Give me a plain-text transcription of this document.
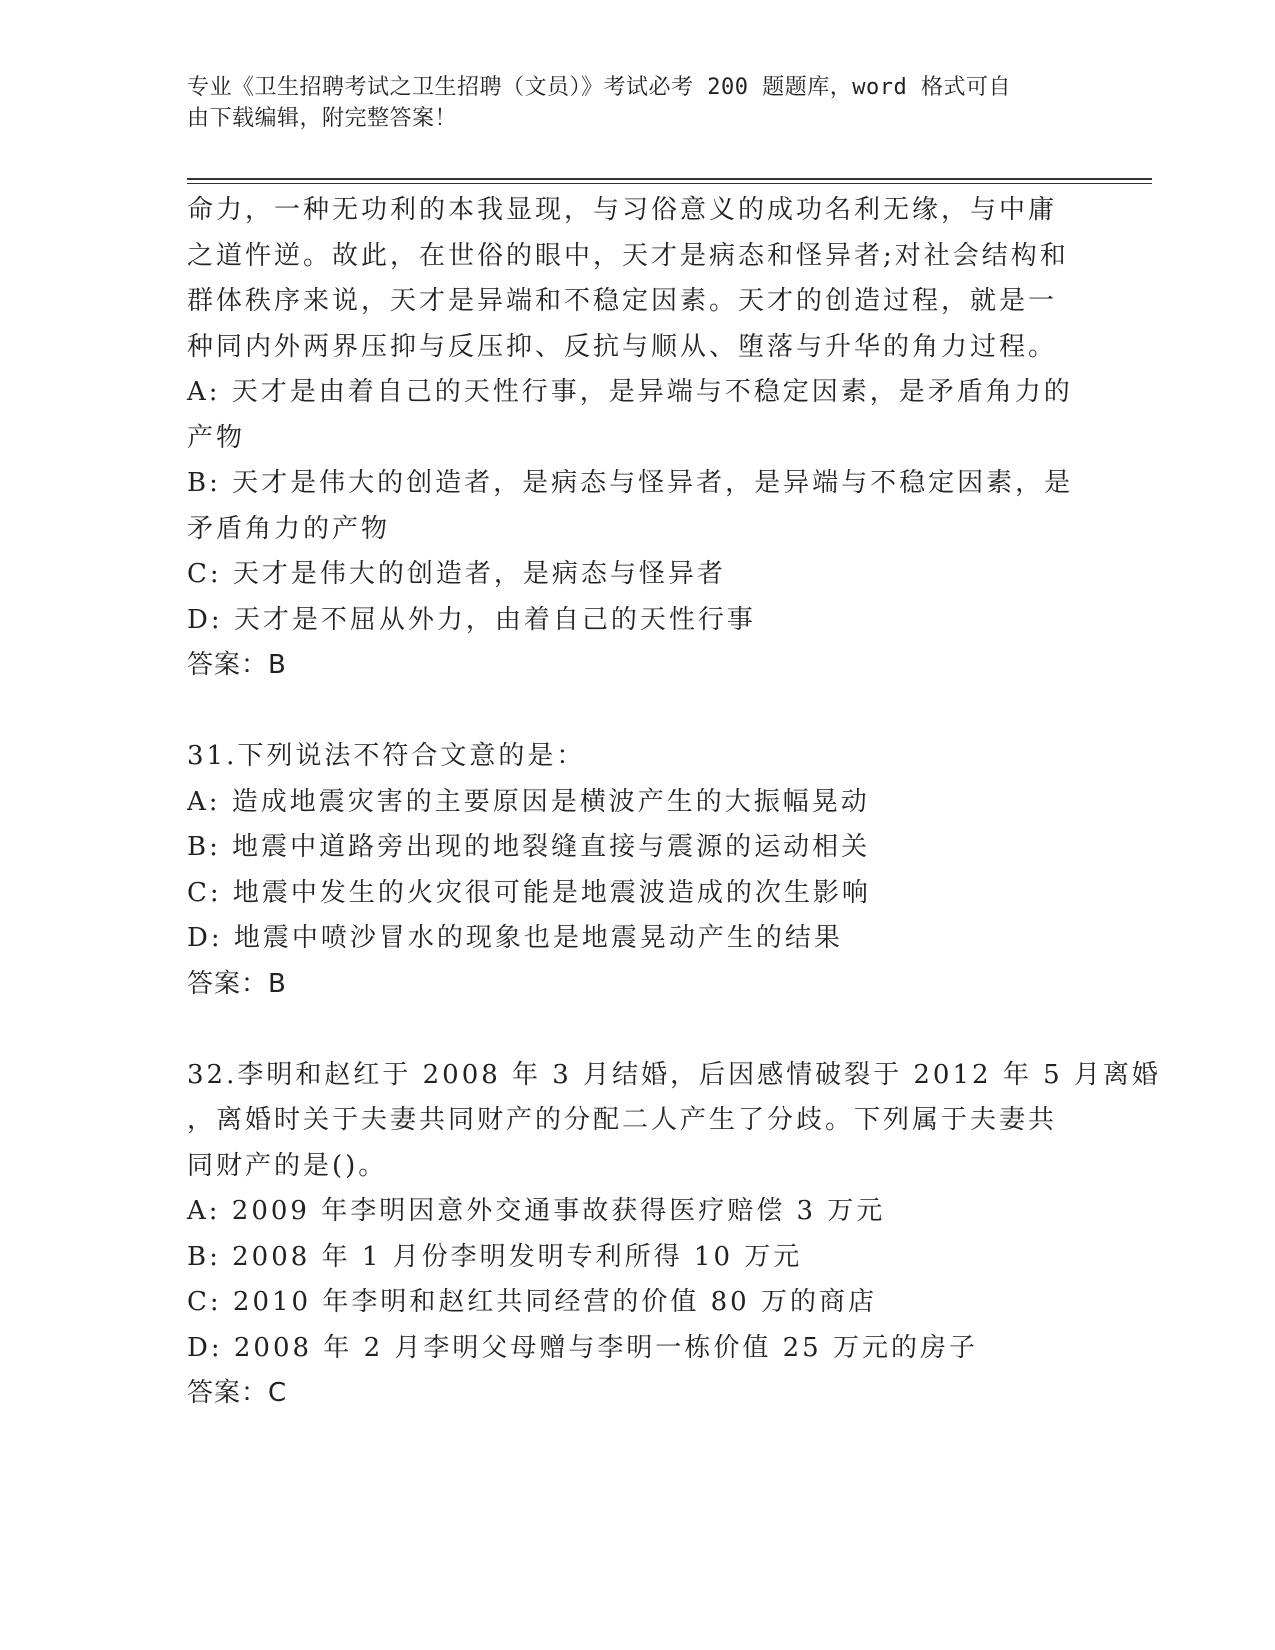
专业《卫生招聘考试之卫生招聘（文员）》考试必考 200 题题库，word 格式可自
由下载编辑，附完整答案！
命力，一种无功利的本我显现，与习俗意义的成功名利无缘，与中庸
之道忤逆。故此，在世俗的眼中，天才是病态和怪异者;对社会结构和
群体秩序来说，天才是异端和不稳定因素。天才的创造过程，就是一
种同内外两界压抑与反压抑、反抗与顺从、堕落与升华的角力过程。
A: 天才是由着自己的天性行事，是异端与不稳定因素，是矛盾角力的
产物
B: 天才是伟大的创造者，是病态与怪异者，是异端与不稳定因素，是
矛盾角力的产物
C: 天才是伟大的创造者，是病态与怪异者
D: 天才是不屈从外力，由着自己的天性行事
答案：B
31.下列说法不符合文意的是：
A: 造成地震灾害的主要原因是横波产生的大振幅晃动
B: 地震中道路旁出现的地裂缝直接与震源的运动相关
C: 地震中发生的火灾很可能是地震波造成的次生影响
D: 地震中喷沙冒水的现象也是地震晃动产生的结果
答案：B
32.李明和赵红于 2008 年 3 月结婚，后因感情破裂于 2012 年 5 月离婚
，离婚时关于夫妻共同财产的分配二人产生了分歧。下列属于夫妻共
同财产的是()。
A: 2009 年李明因意外交通事故获得医疗赔偿 3 万元
B: 2008 年 1 月份李明发明专利所得 10 万元
C: 2010 年李明和赵红共同经营的价值 80 万的商店
D: 2008 年 2 月李明父母赠与李明一栋价值 25 万元的房子
答案：C
